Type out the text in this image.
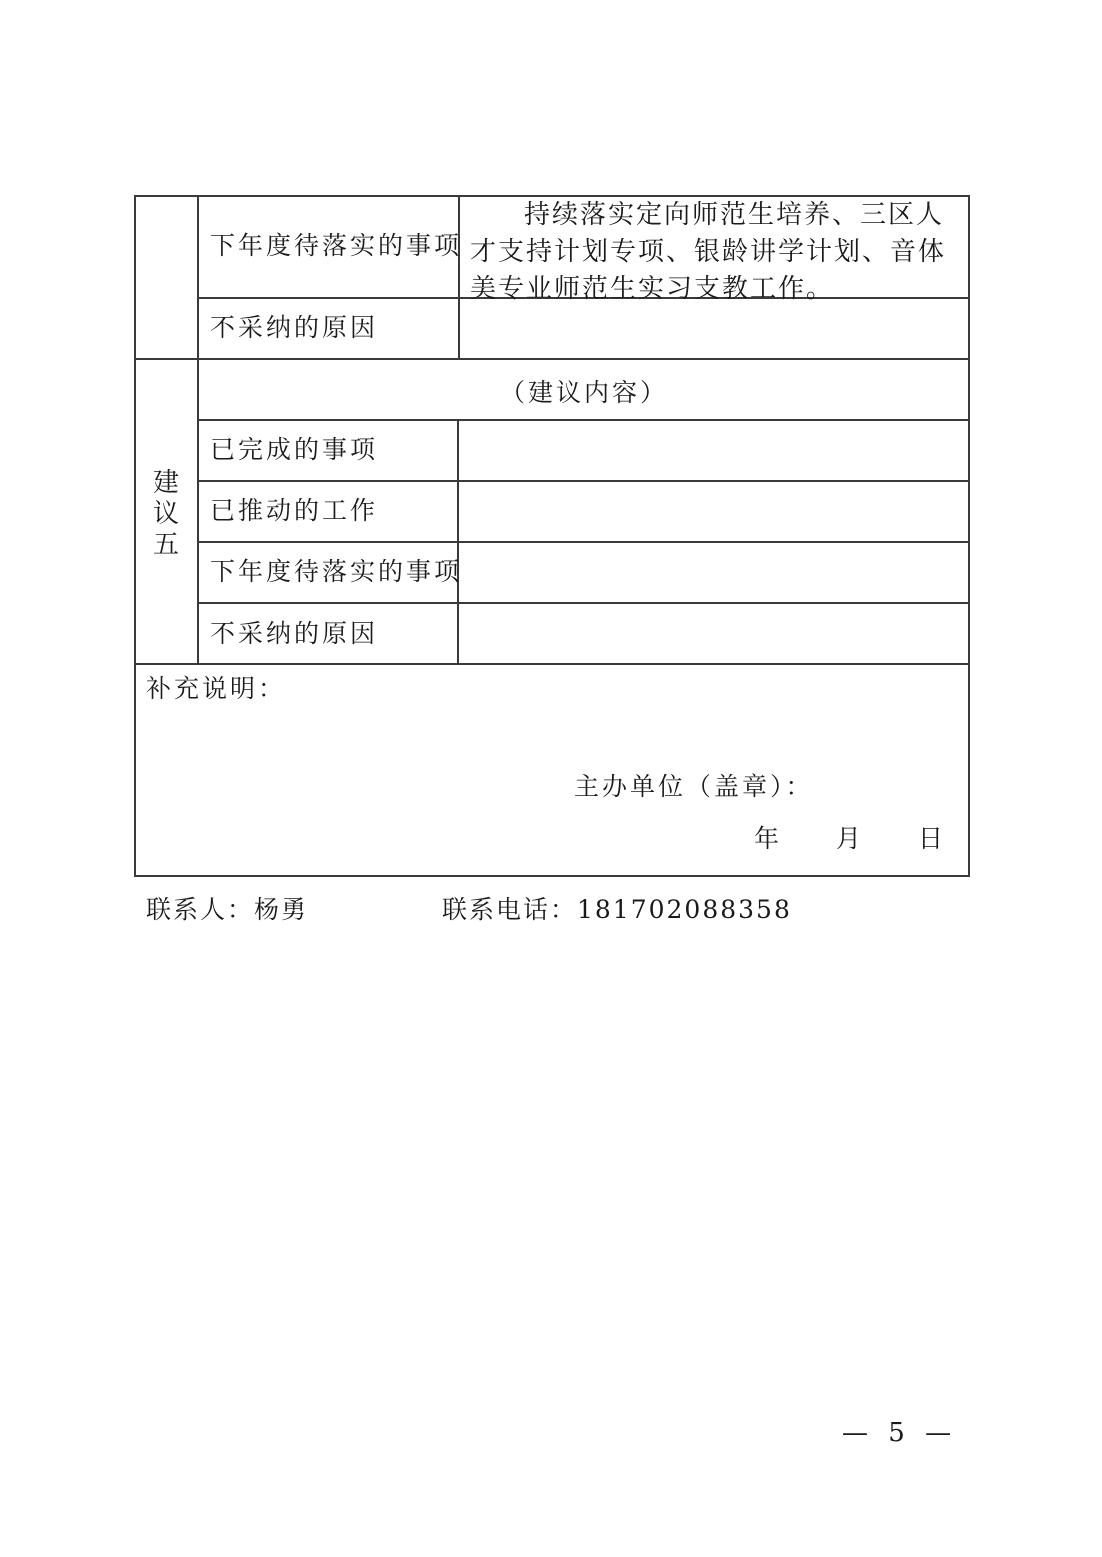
下年度待落实的事项
持续落实定向师范生培养、三区人才支持计划专项、银龄讲学计划、音体美专业师范生实习支教工作。
不采纳的原因
建
议
五
（建议内容）
已完成的事项
已推动的工作
下年度待落实的事项
不采纳的原因
补充说明：
主办单位（盖章）：
年 月 日
联系人：杨勇	联系电话：181702088358
— 5 —
